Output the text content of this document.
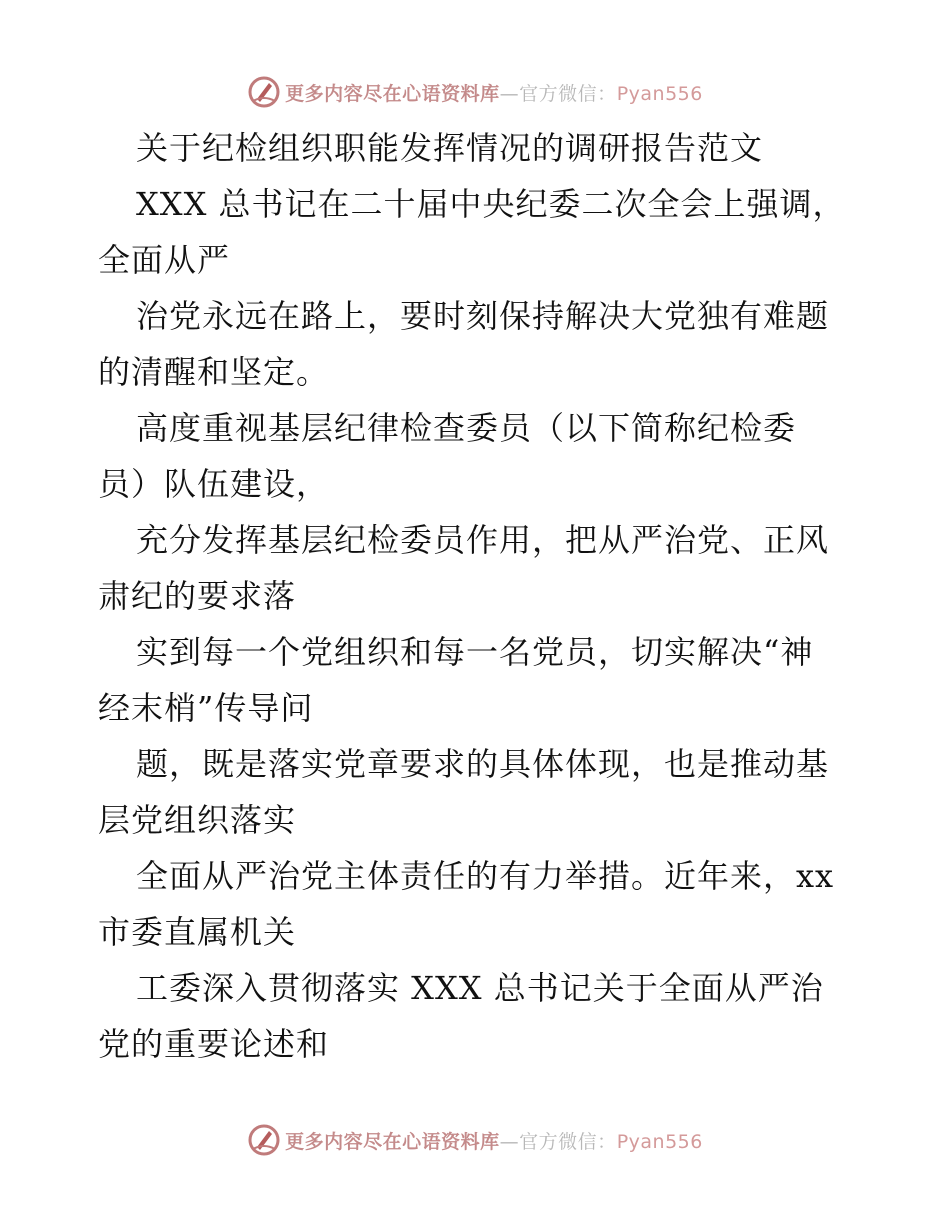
更多内容尽在心语资料库—官方微信：Pyan556
关于纪检组织职能发挥情况的调研报告范文
XXX 总书记在二十届中央纪委二次全会上强调，
全面从严
治党永远在路上，要时刻保持解决大党独有难题
的清醒和坚定。
高度重视基层纪律检查委员（以下简称纪检委
员）队伍建设，
充分发挥基层纪检委员作用，把从严治党、正风
肃纪的要求落
实到每一个党组织和每一名党员，切实解决“神
经末梢”传导问
题，既是落实党章要求的具体体现，也是推动基
层党组织落实
全面从严治党主体责任的有力举措。近年来，xx
市委直属机关
工委深入贯彻落实 XXX 总书记关于全面从严治
党的重要论述和
更多内容尽在心语资料库—官方微信：Pyan556
